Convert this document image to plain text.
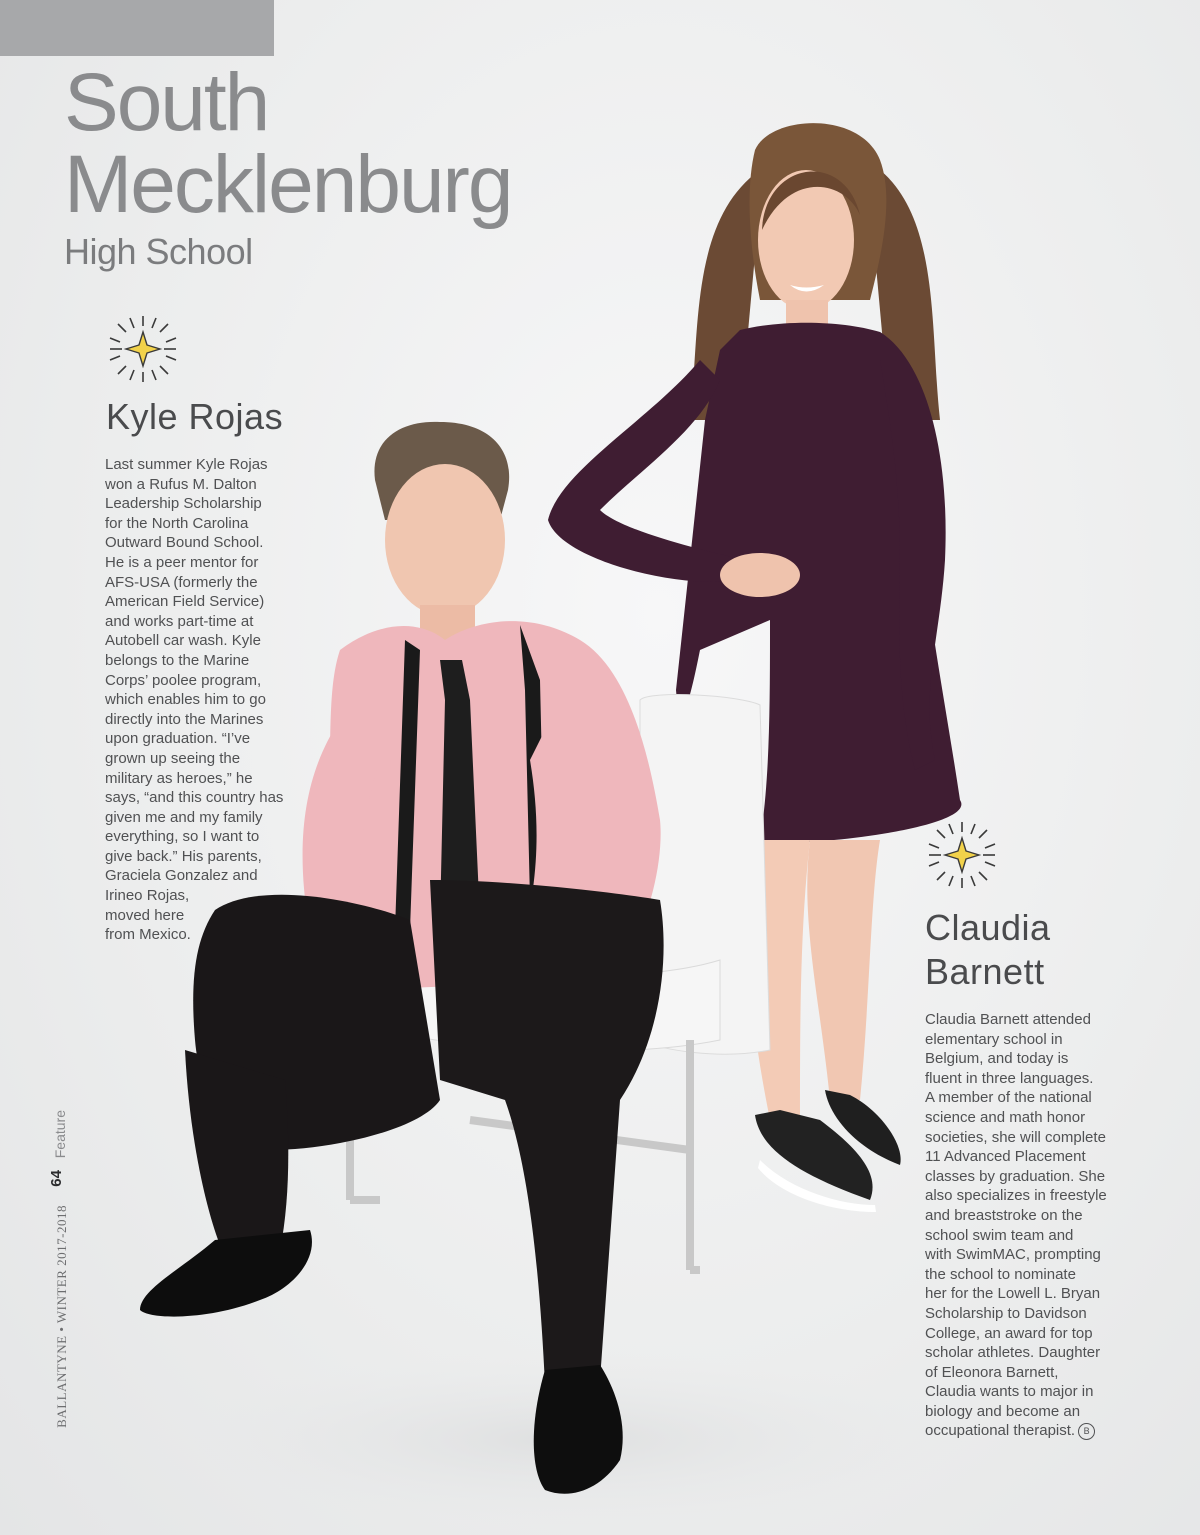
South
Mecklenburg
High School
Kyle Rojas

Last summer Kyle Rojas

won a Rufus M. Dalton

Leadership Scholarship

for the North Carolina

Outward Bound School.

He is a peer mentor for

AFS-USA (formerly the

American Field Service)

and works part-time at

Autobell car wash. Kyle

belongs to the Marine

Corps’ poolee program,

which enables him to go

directly into the Marines

upon graduation. “I’ve

grown up seeing the

military as heroes,” he

says, “and this country has

given me and my family

everything, so I want to

give back.” His parents,

Graciela Gonzalez and

Irineo Rojas,

moved here

from Mexico.	Claudia
Barnett

Claudia Barnett attended

elementary school in

Belgium, and today is

fluent in three languages.

A member of the national

science and math honor

societies, she will complete

11 Advanced Placement

classes by graduation. She

also specializes in freestyle

and breaststroke on the

school swim team and

with SwimMAC, prompting

the school to nominate

her for the Lowell L. Bryan

Scholarship to Davidson

College, an award for top

scholar athletes. Daughter

of Eleonora Barnett,

Claudia wants to major in

biology and become an

occupational therapist. B

Feature
64
BALLANTYNE • WINTER 2017-2018
